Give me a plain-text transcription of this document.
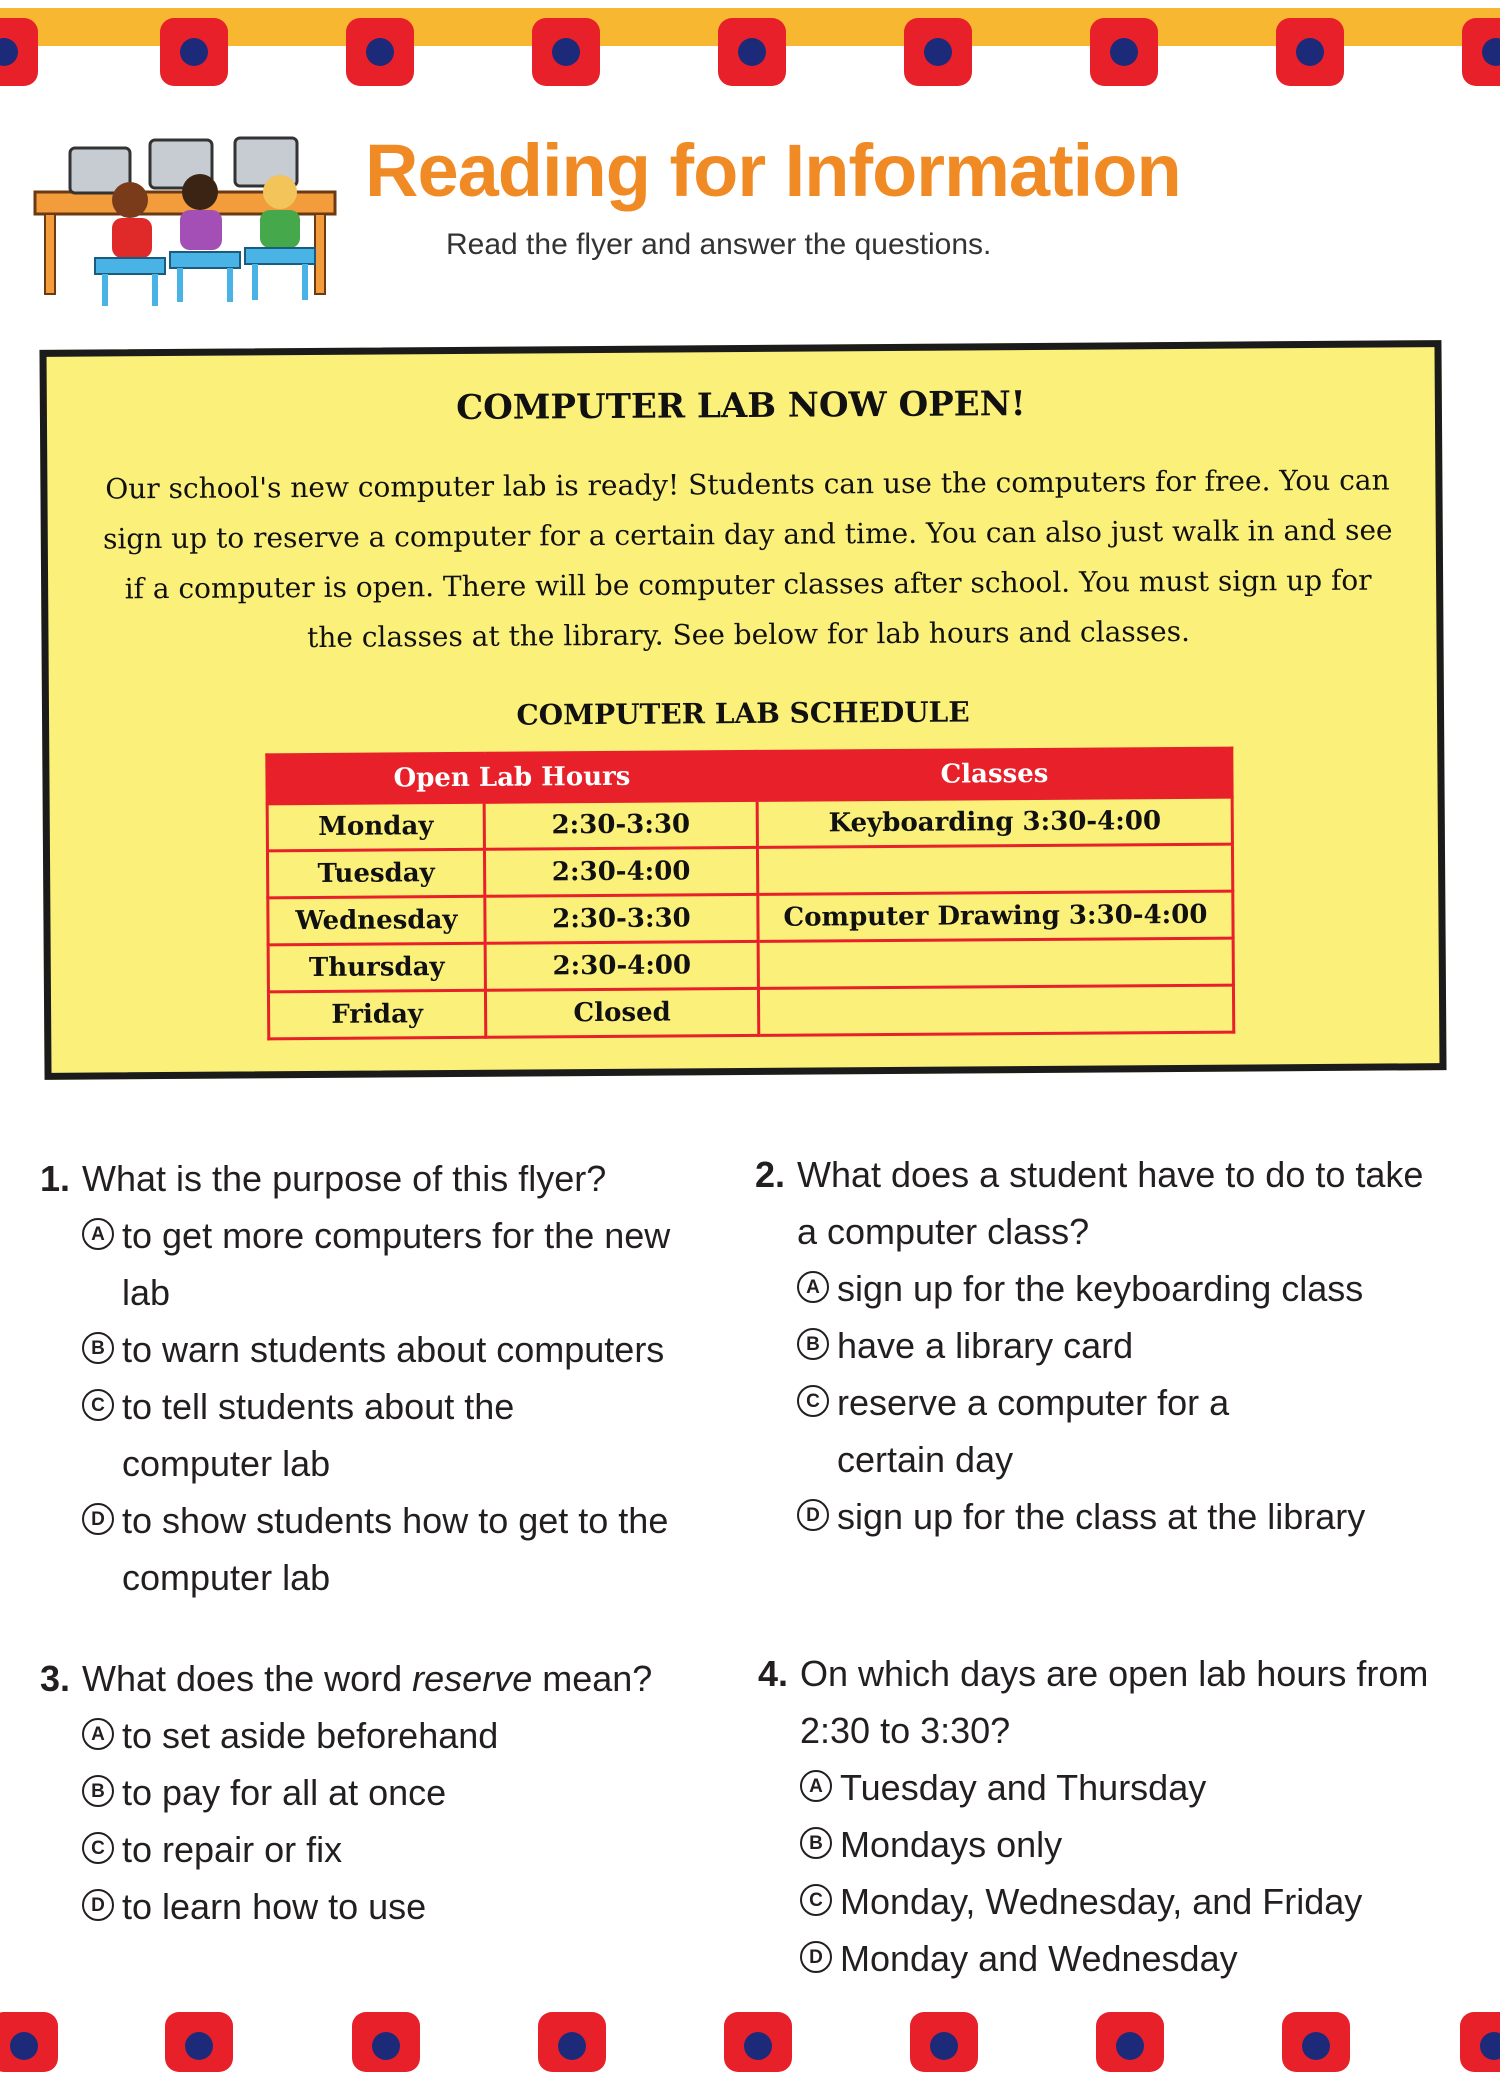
Reading for Information
Read the flyer and answer the questions.
COMPUTER LAB NOW OPEN!
Our school's new computer lab is ready! Students can use the computers for free. You can sign up to reserve a computer for a certain day and time. You can also just walk in and see if a computer is open. There will be computer classes after school. You must sign up for the classes at the library. See below for lab hours and classes.
COMPUTER LAB SCHEDULE
Open Lab Hours		Classes
Monday	2:30-3:30	Keyboarding 3:30-4:00
Tuesday	2:30-4:00	
Wednesday	2:30-3:30	Computer Drawing 3:30-4:00
Thursday	2:30-4:00	
Friday	Closed	
1. What is the purpose of this flyer?
A to get more computers for the new lab
B to warn students about computers
C to tell students about the computer lab
D to show students how to get to the computer lab
2. What does a student have to do to take a computer class?
A sign up for the keyboarding class
B have a library card
C reserve a computer for a certain day
D sign up for the class at the library
3. What does the word reserve mean?
A to set aside beforehand
B to pay for all at once
C to repair or fix
D to learn how to use
4. On which days are open lab hours from 2:30 to 3:30?
A Tuesday and Thursday
B Mondays only
C Monday, Wednesday, and Friday
D Monday and Wednesday
